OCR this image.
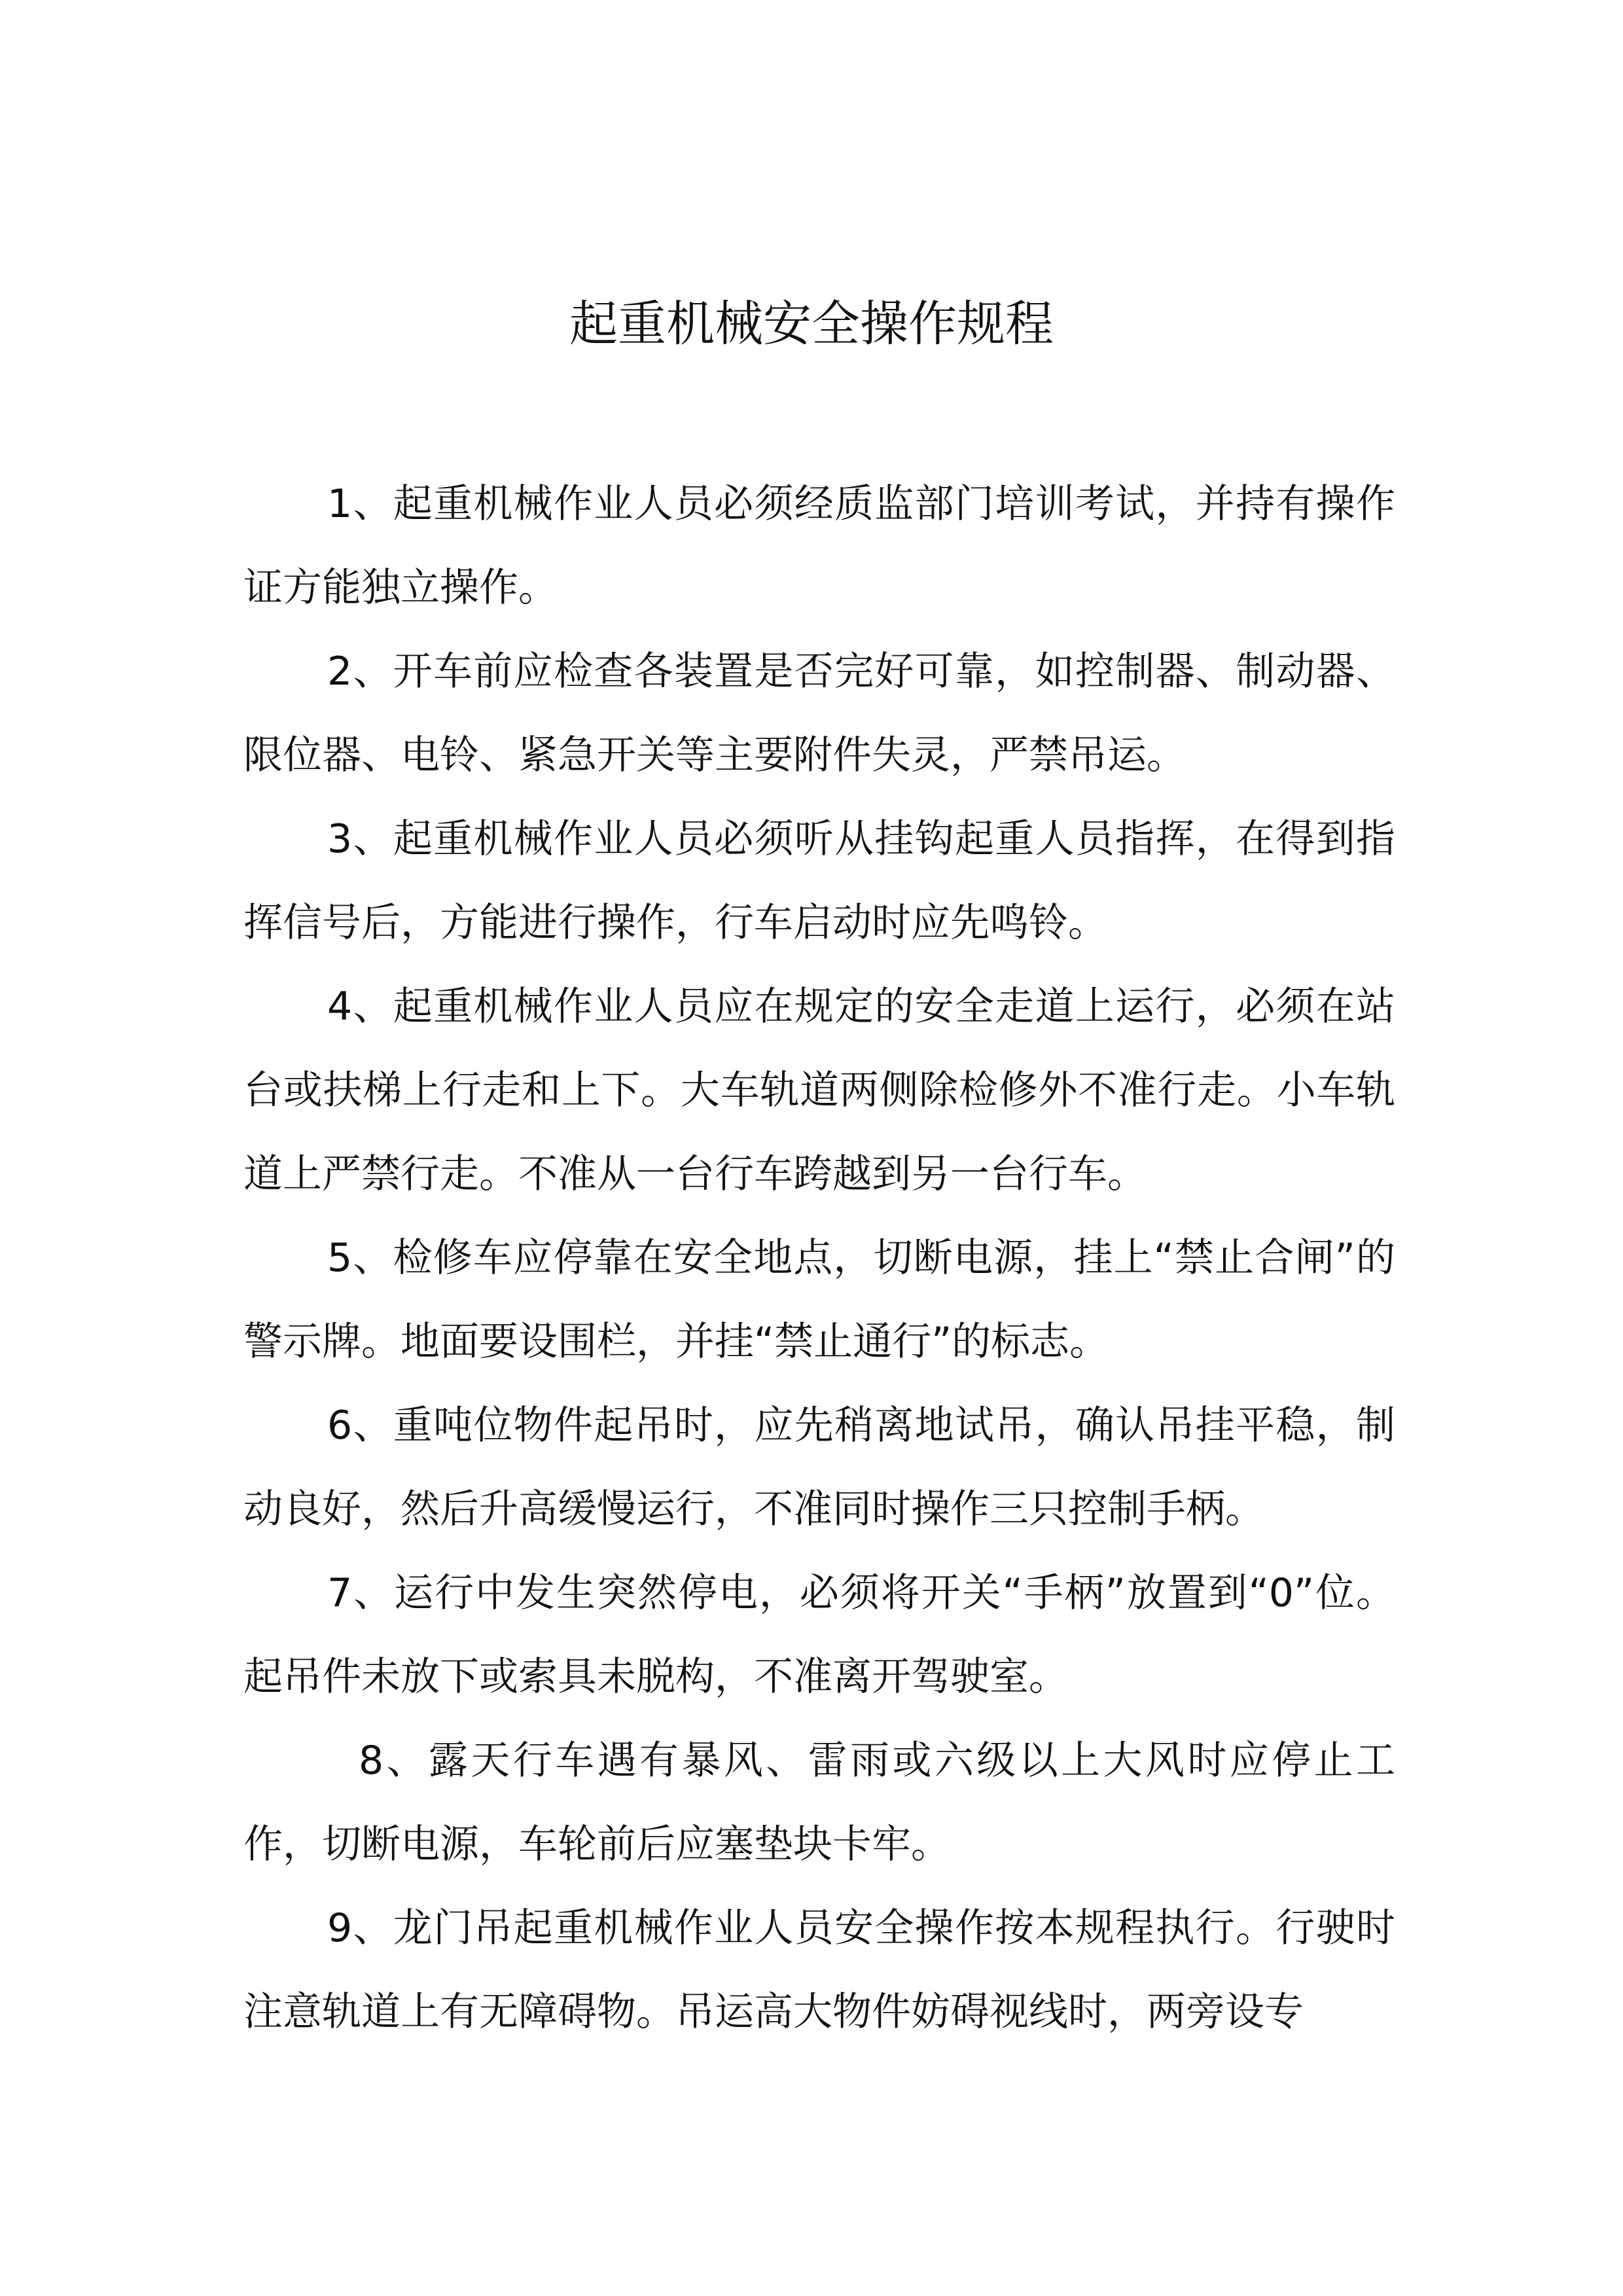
起重机械安全操作规程

1、起重机械作业人员必须经质监部门培训考试，并持有操作证方能独立操作。

2、开车前应检查各装置是否完好可靠，如控制器、制动器、限位器、电铃、紧急开关等主要附件失灵，严禁吊运。

3、起重机械作业人员必须听从挂钩起重人员指挥，在得到指挥信号后，方能进行操作，行车启动时应先鸣铃。

4、起重机械作业人员应在规定的安全走道上运行，必须在站台或扶梯上行走和上下。大车轨道两侧除检修外不准行走。小车轨道上严禁行走。不准从一台行车跨越到另一台行车。

5、检修车应停靠在安全地点，切断电源，挂上“禁止合闸”的警示牌。地面要设围栏，并挂“禁止通行”的标志。

6、重吨位物件起吊时，应先稍离地试吊，确认吊挂平稳，制动良好，然后升高缓慢运行，不准同时操作三只控制手柄。

7、运行中发生突然停电，必须将开关“手柄”放置到“0”位。起吊件未放下或索具未脱构，不准离开驾驶室。

8、露天行车遇有暴风、雷雨或六级以上大风时应停止工作，切断电源，车轮前后应塞垫块卡牢。

9、龙门吊起重机械作业人员安全操作按本规程执行。行驶时注意轨道上有无障碍物。吊运高大物件妨碍视线时，两旁设专
